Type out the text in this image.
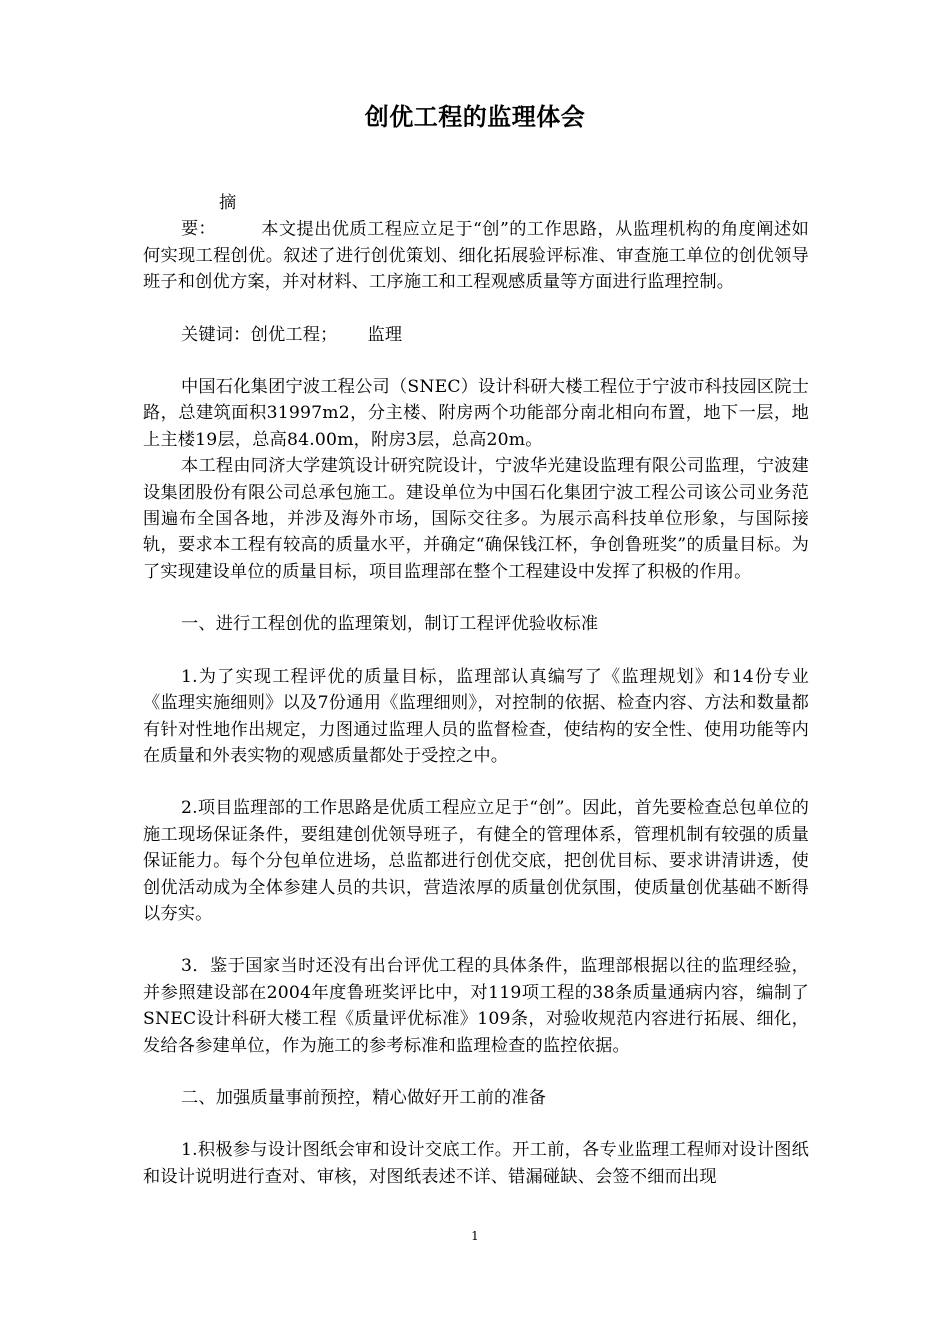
创优工程的监理体会

摘　　要：	本文提出优质工程应立足于“创”的工作思路，从监理机构的角度阐述如何实现工程创优。叙述了进行创优策划、细化拓展验评标准、审查施工单位的创优领导班子和创优方案，并对材料、工序施工和工程观感质量等方面进行监理控制。

关键词：创优工程； 监理

中国石化集团宁波工程公司（SNEC）设计科研大楼工程位于宁波市科技园区院士路，总建筑面积31997m2，分主楼、附房两个功能部分南北相向布置，地下一层，地上主楼19层，总高84.00m，附房3层，总高20m。

本工程由同济大学建筑设计研究院设计，宁波华光建设监理有限公司监理，宁波建设集团股份有限公司总承包施工。建设单位为中国石化集团宁波工程公司该公司业务范围遍布全国各地，并涉及海外市场，国际交往多。为展示高科技单位形象，与国际接轨，要求本工程有较高的质量水平，并确定“确保钱江杯，争创鲁班奖”的质量目标。为了实现建设单位的质量目标，项目监理部在整个工程建设中发挥了积极的作用。

一、进行工程创优的监理策划，制订工程评优验收标准

1.为了实现工程评优的质量目标，监理部认真编写了《监理规划》和14份专业《监理实施细则》以及7份通用《监理细则》，对控制的依据、检查内容、方法和数量都有针对性地作出规定，力图通过监理人员的监督检查，使结构的安全性、使用功能等内在质量和外表实物的观感质量都处于受控之中。

2.项目监理部的工作思路是优质工程应立足于“创”。因此，首先要检查总包单位的施工现场保证条件，要组建创优领导班子，有健全的管理体系，管理机制有较强的质量保证能力。每个分包单位进场，总监都进行创优交底，把创优目标、要求讲清讲透，使创优活动成为全体参建人员的共识，营造浓厚的质量创优氛围，使质量创优基础不断得以夯实。

3．鉴于国家当时还没有出台评优工程的具体条件，监理部根据以往的监理经验，并参照建设部在2004年度鲁班奖评比中，对119项工程的38条质量通病内容，编制了SNEC设计科研大楼工程《质量评优标准》109条，对验收规范内容进行拓展、细化，发给各参建单位，作为施工的参考标准和监理检查的监控依据。

二、加强质量事前预控，精心做好开工前的准备

1.积极参与设计图纸会审和设计交底工作。开工前，各专业监理工程师对设计图纸和设计说明进行查对、审核，对图纸表述不详、错漏碰缺、会签不细而出现

1
